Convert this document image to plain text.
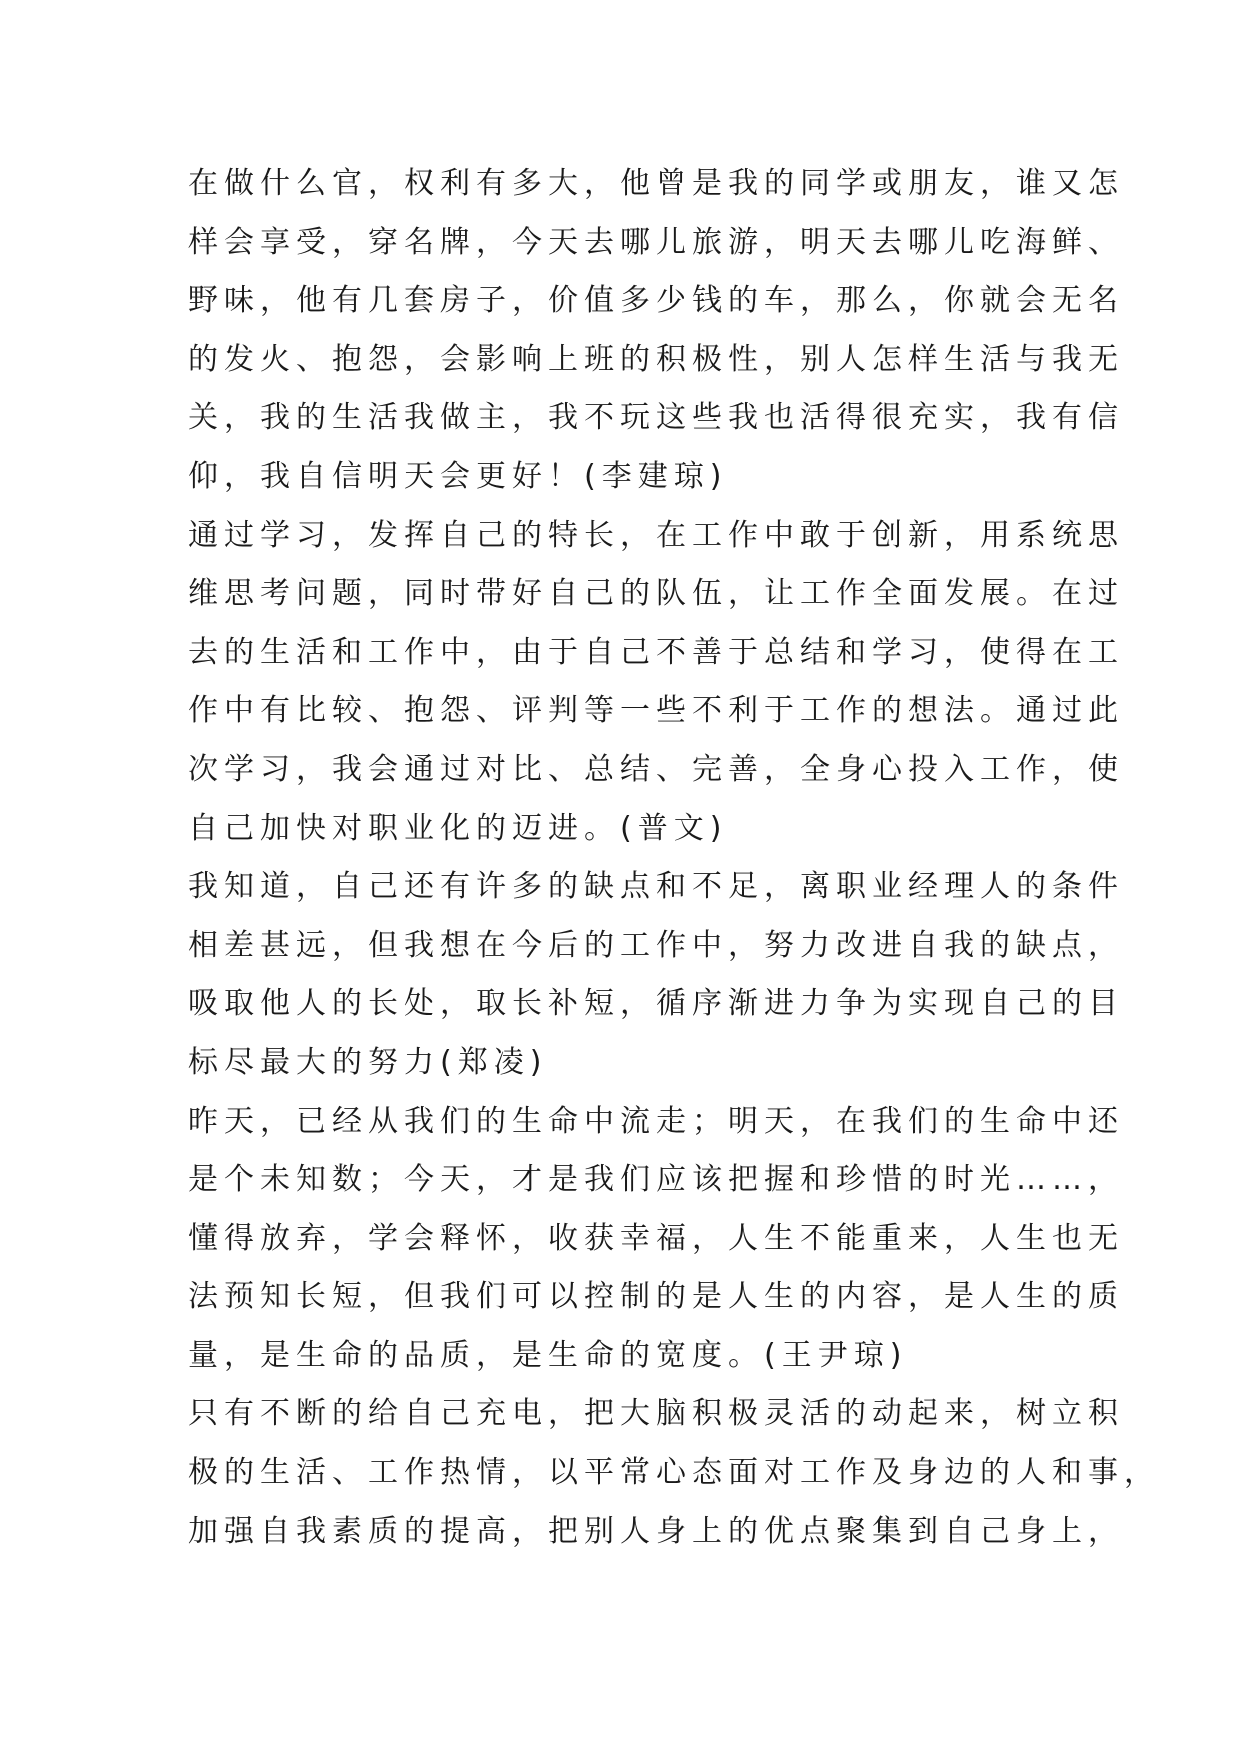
在做什么官，权利有多大，他曾是我的同学或朋友，谁又怎
样会享受，穿名牌，今天去哪儿旅游，明天去哪儿吃海鲜、
野味，他有几套房子，价值多少钱的车，那么，你就会无名
的发火、抱怨，会影响上班的积极性，别人怎样生活与我无
关，我的生活我做主，我不玩这些我也活得很充实，我有信
仰，我自信明天会更好！(李建琼)
通过学习，发挥自己的特长，在工作中敢于创新，用系统思
维思考问题，同时带好自己的队伍，让工作全面发展。在过
去的生活和工作中，由于自己不善于总结和学习，使得在工
作中有比较、抱怨、评判等一些不利于工作的想法。通过此
次学习，我会通过对比、总结、完善，全身心投入工作，使
自己加快对职业化的迈进。(普文)
我知道，自己还有许多的缺点和不足，离职业经理人的条件
相差甚远，但我想在今后的工作中，努力改进自我的缺点，
吸取他人的长处，取长补短，循序渐进力争为实现自己的目
标尽最大的努力(郑凌)
昨天，已经从我们的生命中流走；明天，在我们的生命中还
是个未知数；今天，才是我们应该把握和珍惜的时光……，
懂得放弃，学会释怀，收获幸福，人生不能重来，人生也无
法预知长短，但我们可以控制的是人生的内容，是人生的质
量，是生命的品质，是生命的宽度。(王尹琼)
只有不断的给自己充电，把大脑积极灵活的动起来，树立积
极的生活、工作热情，以平常心态面对工作及身边的人和事，
加强自我素质的提高，把别人身上的优点聚集到自己身上，
